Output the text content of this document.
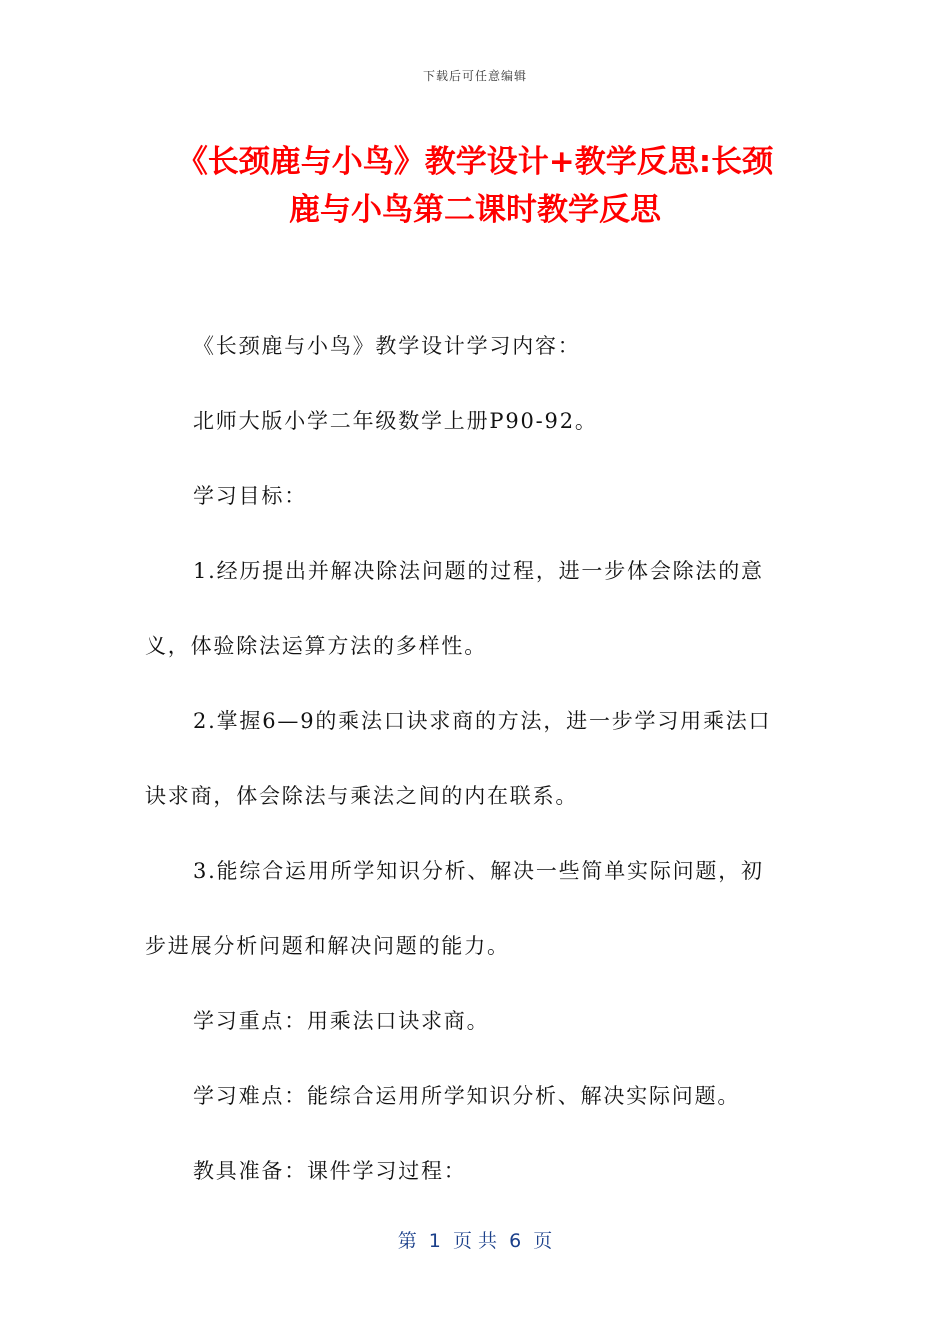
下载后可任意编辑
《长颈鹿与小鸟》教学设计+教学反思:长颈
鹿与小鸟第二课时教学反思
《长颈鹿与小鸟》教学设计学习内容：
北师大版小学二年级数学上册P90-92。
学习目标：
1.经历提出并解决除法问题的过程，进一步体会除法的意
义，体验除法运算方法的多样性。
2.掌握6—9的乘法口诀求商的方法，进一步学习用乘法口
诀求商，体会除法与乘法之间的内在联系。
3.能综合运用所学知识分析、解决一些简单实际问题，初
步进展分析问题和解决问题的能力。
学习重点：用乘法口诀求商。
学习难点：能综合运用所学知识分析、解决实际问题。
教具准备：课件学习过程：
第  1  页 共  6  页
